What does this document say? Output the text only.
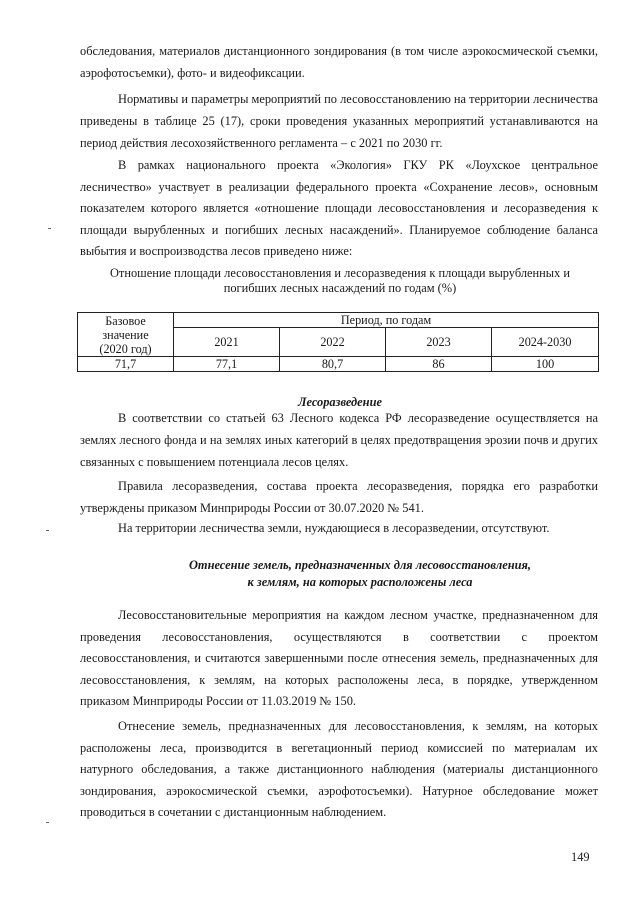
обследования, материалов дистанционного зондирования (в том числе аэрокосмической съемки, аэрофотосъемки), фото- и видеофиксации.

Нормативы и параметры мероприятий по лесовосстановлению на территории лесничества приведены в таблице 25 (17), сроки проведения указанных мероприятий устанавливаются на период действия лесохозяйственного регламента – с 2021 по 2030 гг.

В рамках национального проекта «Экология» ГКУ РК «Лоухское центральное лесничество» участвует в реализации федерального проекта «Сохранение лесов», основным показателем которого является «отношение площади лесовосстановления и лесоразведения к площади вырубленных и погибших лесных насаждений». Планируемое соблюдение баланса выбытия и воспроизводства лесов приведено ниже:

Отношение площади лесовосстановления и лесоразведения к площади вырубленных и
погибших лесных насаждений по годам (%)
Базовое
значение
(2020 год)	Период, по годам			
	2021	2022	2023	2024-2030
71,7	77,1	80,7	86	100
Лесоразведение

В соответствии со статьей 63 Лесного кодекса РФ лесоразведение осуществляется на землях лесного фонда и на землях иных категорий в целях предотвращения эрозии почв и других связанных с повышением потенциала лесов целях.

Правила лесоразведения, состава проекта лесоразведения, порядка его разработки утверждены приказом Минприроды России от 30.07.2020 № 541.

На территории лесничества земли, нуждающиеся в лесоразведении, отсутствуют.

Отнесение земель, предназначенных для лесовосстановления,
к землям, на которых расположены леса

Лесовосстановительные мероприятия на каждом лесном участке, предназначенном для проведения лесовосстановления, осуществляются в соответствии с проектом лесовосстановления, и считаются завершенными после отнесения земель, предназначенных для лесовосстановления, к землям, на которых расположены леса, в порядке, утвержденном приказом Минприроды России от 11.03.2019 № 150.

Отнесение земель, предназначенных для лесовосстановления, к землям, на которых расположены леса, производится в вегетационный период комиссией по материалам их натурного обследования, а также дистанционного наблюдения (материалы дистанционного зондирования, аэрокосмической съемки, аэрофотосъемки). Натурное обследование может проводиться в сочетании с дистанционным наблюдением.

149
